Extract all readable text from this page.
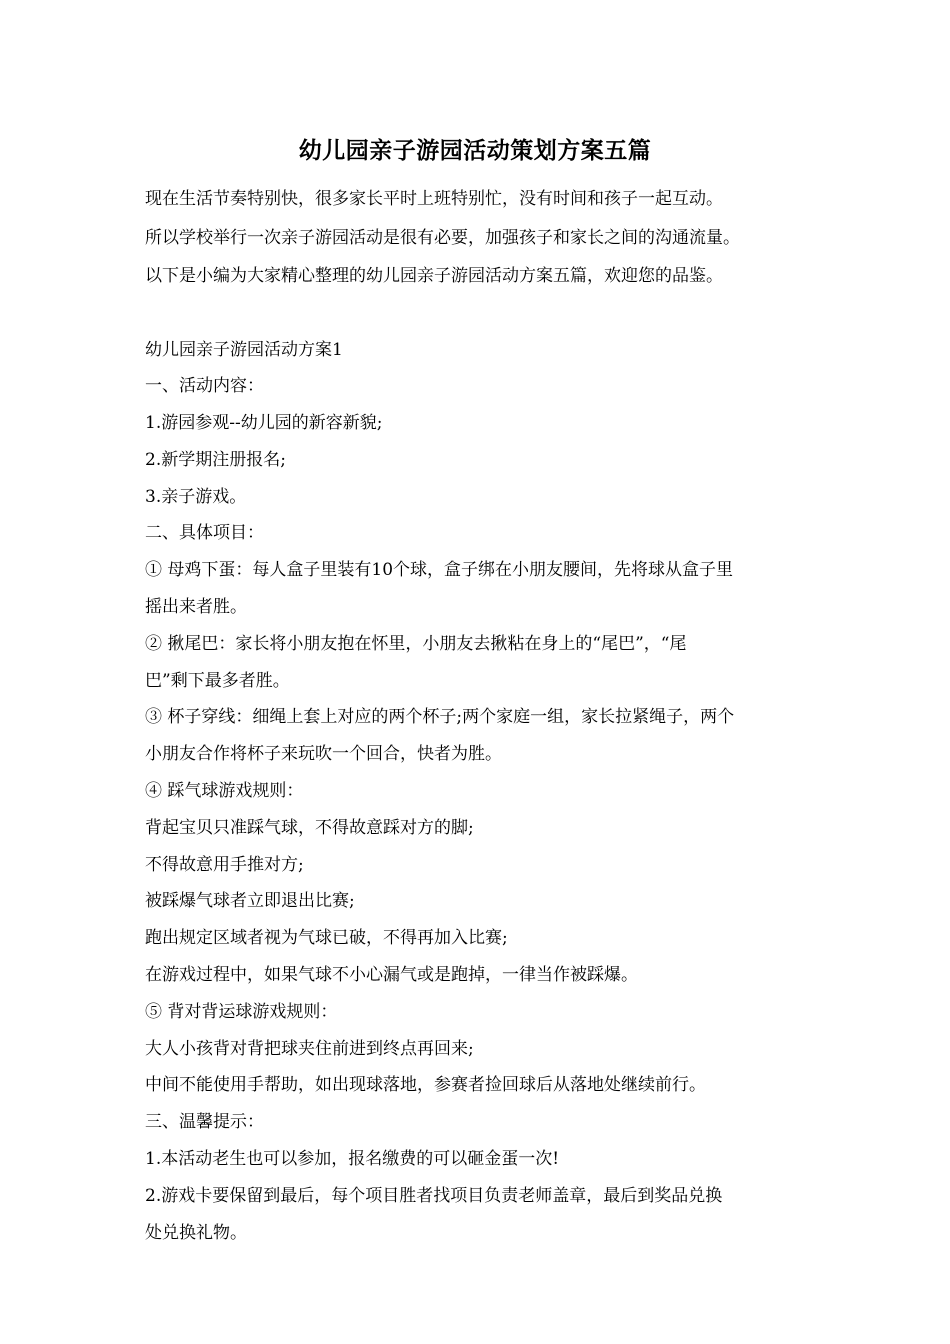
幼儿园亲子游园活动策划方案五篇
现在生活节奏特别快，很多家长平时上班特别忙，没有时间和孩子一起互动。
所以学校举行一次亲子游园活动是很有必要，加强孩子和家长之间的沟通流量。
以下是小编为大家精心整理的幼儿园亲子游园活动方案五篇，欢迎您的品鉴。
幼儿园亲子游园活动方案1
一、活动内容：
1.游园参观--幼儿园的新容新貌;
2.新学期注册报名;
3.亲子游戏。
二、具体项目：
① 母鸡下蛋：每人盒子里装有10个球，盒子绑在小朋友腰间，先将球从盒子里
摇出来者胜。
② 揪尾巴：家长将小朋友抱在怀里，小朋友去揪粘在身上的“尾巴”，“尾
巴”剩下最多者胜。
③ 杯子穿线：细绳上套上对应的两个杯子;两个家庭一组，家长拉紧绳子，两个
小朋友合作将杯子来玩吹一个回合，快者为胜。
④ 踩气球游戏规则：
背起宝贝只准踩气球，不得故意踩对方的脚;
不得故意用手推对方;
被踩爆气球者立即退出比赛;
跑出规定区域者视为气球已破，不得再加入比赛;
在游戏过程中，如果气球不小心漏气或是跑掉，一律当作被踩爆。
⑤ 背对背运球游戏规则：
大人小孩背对背把球夹住前进到终点再回来;
中间不能使用手帮助，如出现球落地，参赛者捡回球后从落地处继续前行。
三、温馨提示：
1.本活动老生也可以参加，报名缴费的可以砸金蛋一次!
2.游戏卡要保留到最后，每个项目胜者找项目负责老师盖章，最后到奖品兑换
处兑换礼物。
